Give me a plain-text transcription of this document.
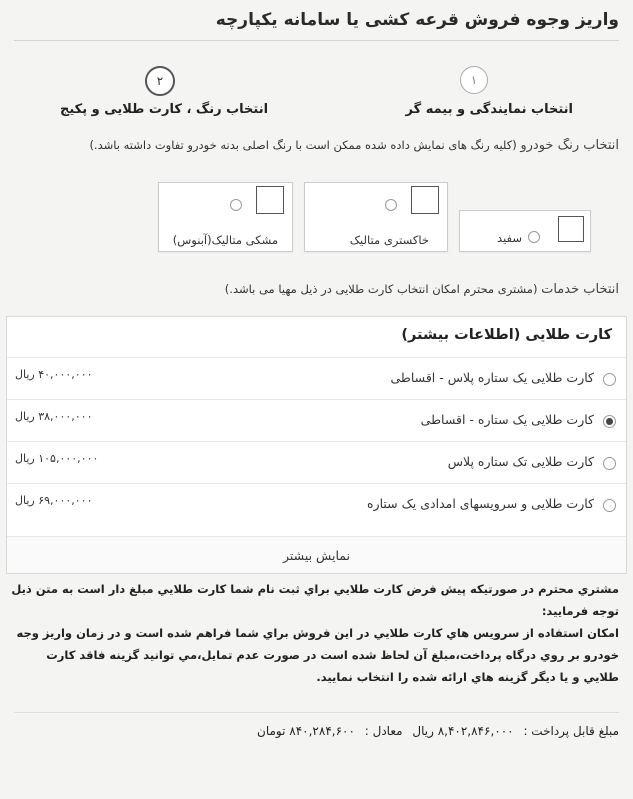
واریز وجوه فروش قرعه کشی یا سامانه یکپارچه
۱
انتخاب نمایندگی و بیمه گر
۲
انتخاب رنگ ، کارت طلایی و پکیج
انتخاب رنگ خودرو (کلیه رنگ های نمایش داده شده ممکن است با رنگ اصلی بدنه خودرو تفاوت داشته باشد.)
سفید
خاکستری متالیک
مشکی متالیک(آبنوس)
انتخاب خدمات (مشتری محترم امکان انتخاب کارت طلایی در ذیل مهیا می باشد.)
کارت طلایی (اطلاعات بیشتر)
کارت طلایی یک ستاره پلاس - اقساطی
۴۰,۰۰۰,۰۰۰ ریال
کارت طلایی یک ستاره - اقساطی
۳۸,۰۰۰,۰۰۰ ریال
کارت طلایی تک ستاره پلاس
۱۰۵,۰۰۰,۰۰۰ ریال
کارت طلایی و سرویسهای امدادی یک ستاره
۶۹,۰۰۰,۰۰۰ ریال
نمایش بیشتر

مشتري محترم در صورتيكه پيش فرض كارت طلايي براي ثبت نام شما كارت طلايي مبلغ دار است به متن ذيل توجه فرماييد:

امكان استفاده از سرويس هاي كارت طلايي در اين فروش براي شما فراهم شده است و در زمان واريز وجه خودرو بر روي درگاه پرداخت،مبلغ آن لحاظ شده است در صورت عدم تمايل،مي توانيد گزينه فاقد كارت طلايي و يا ديگر گزينه هاي ارائه شده را انتخاب نماييد.

مبلغ قابل پرداخت : ۸,۴۰۲,۸۴۶,۰۰۰ ریال معادل : ۸۴۰,۲۸۴,۶۰۰ تومان
